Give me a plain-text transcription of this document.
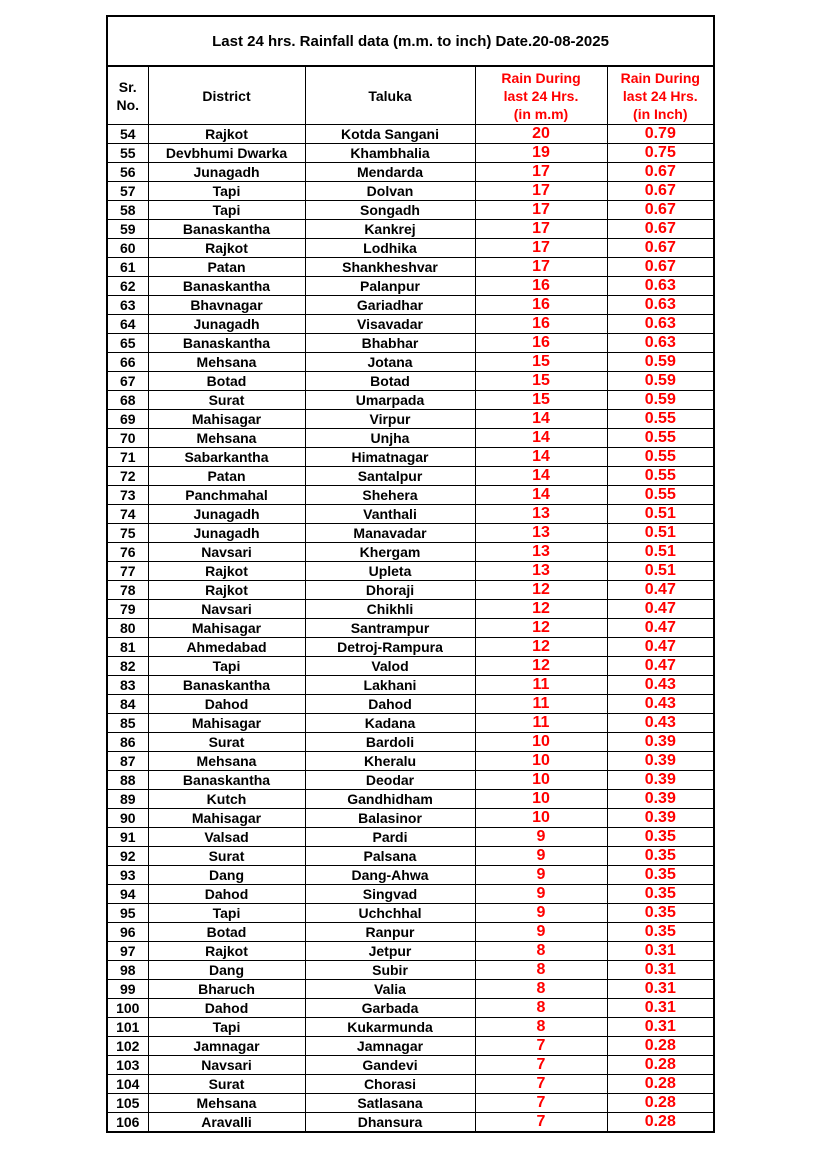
Last 24 hrs. Rainfall data (m.m. to inch) Date.20-08-2025				
Sr.
No.	District	Taluka	Rain During
last 24 Hrs.
(in m.m)	Rain During
last 24 Hrs.
(in Inch)
54	Rajkot	Kotda Sangani	20	0.79
55	Devbhumi Dwarka	Khambhalia	19	0.75
56	Junagadh	Mendarda	17	0.67
57	Tapi	Dolvan	17	0.67
58	Tapi	Songadh	17	0.67
59	Banaskantha	Kankrej	17	0.67
60	Rajkot	Lodhika	17	0.67
61	Patan	Shankheshvar	17	0.67
62	Banaskantha	Palanpur	16	0.63
63	Bhavnagar	Gariadhar	16	0.63
64	Junagadh	Visavadar	16	0.63
65	Banaskantha	Bhabhar	16	0.63
66	Mehsana	Jotana	15	0.59
67	Botad	Botad	15	0.59
68	Surat	Umarpada	15	0.59
69	Mahisagar	Virpur	14	0.55
70	Mehsana	Unjha	14	0.55
71	Sabarkantha	Himatnagar	14	0.55
72	Patan	Santalpur	14	0.55
73	Panchmahal	Shehera	14	0.55
74	Junagadh	Vanthali	13	0.51
75	Junagadh	Manavadar	13	0.51
76	Navsari	Khergam	13	0.51
77	Rajkot	Upleta	13	0.51
78	Rajkot	Dhoraji	12	0.47
79	Navsari	Chikhli	12	0.47
80	Mahisagar	Santrampur	12	0.47
81	Ahmedabad	Detroj-Rampura	12	0.47
82	Tapi	Valod	12	0.47
83	Banaskantha	Lakhani	11	0.43
84	Dahod	Dahod	11	0.43
85	Mahisagar	Kadana	11	0.43
86	Surat	Bardoli	10	0.39
87	Mehsana	Kheralu	10	0.39
88	Banaskantha	Deodar	10	0.39
89	Kutch	Gandhidham	10	0.39
90	Mahisagar	Balasinor	10	0.39
91	Valsad	Pardi	9	0.35
92	Surat	Palsana	9	0.35
93	Dang	Dang-Ahwa	9	0.35
94	Dahod	Singvad	9	0.35
95	Tapi	Uchchhal	9	0.35
96	Botad	Ranpur	9	0.35
97	Rajkot	Jetpur	8	0.31
98	Dang	Subir	8	0.31
99	Bharuch	Valia	8	0.31
100	Dahod	Garbada	8	0.31
101	Tapi	Kukarmunda	8	0.31
102	Jamnagar	Jamnagar	7	0.28
103	Navsari	Gandevi	7	0.28
104	Surat	Chorasi	7	0.28
105	Mehsana	Satlasana	7	0.28
106	Aravalli	Dhansura	7	0.28
